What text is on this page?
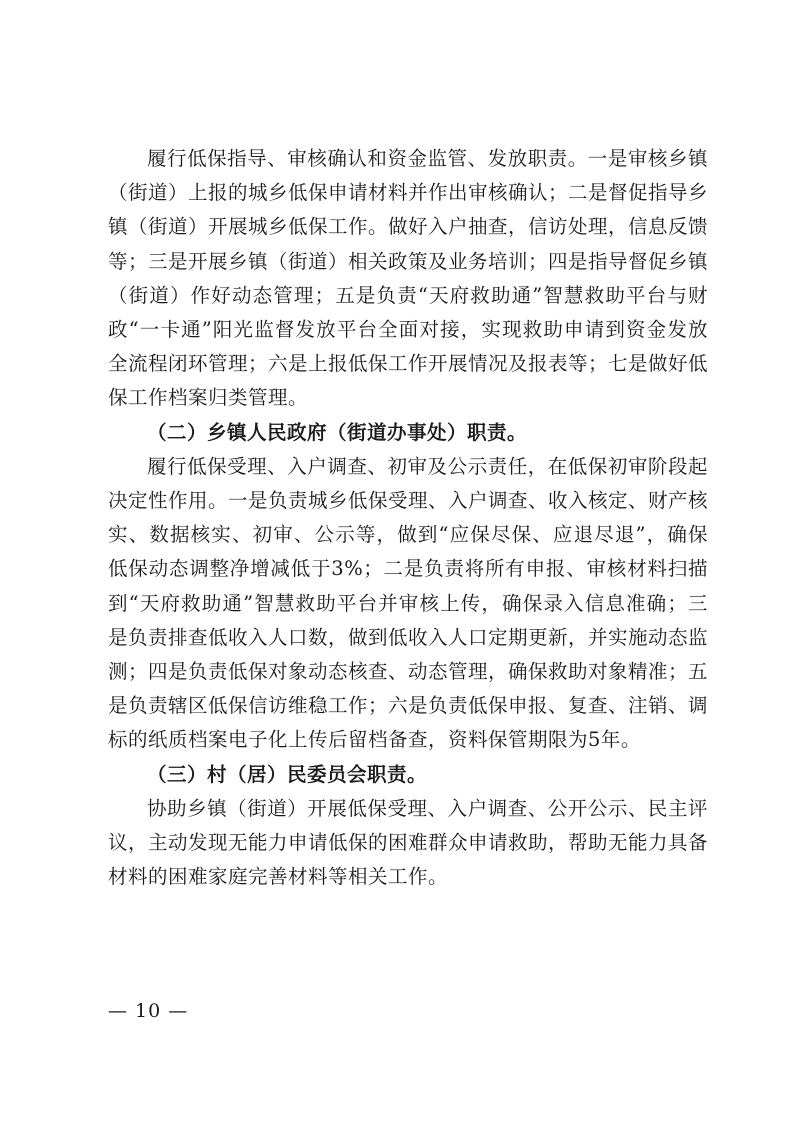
履行低保指导、审核确认和资金监管、发放职责。一是审核乡镇（街道）上报的城乡低保申请材料并作出审核确认；二是督促指导乡镇（街道）开展城乡低保工作。做好入户抽查，信访处理，信息反馈等；三是开展乡镇（街道）相关政策及业务培训；四是指导督促乡镇（街道）作好动态管理；五是负责“天府救助通”智慧救助平台与财政“一卡通”阳光监督发放平台全面对接，实现救助申请到资金发放全流程闭环管理；六是上报低保工作开展情况及报表等；七是做好低保工作档案归类管理。

（二）乡镇人民政府（街道办事处）职责。

履行低保受理、入户调查、初审及公示责任，在低保初审阶段起决定性作用。一是负责城乡低保受理、入户调查、收入核定、财产核实、数据核实、初审、公示等，做到“应保尽保、应退尽退”，确保低保动态调整净增减低于3%；二是负责将所有申报、审核材料扫描到“天府救助通”智慧救助平台并审核上传，确保录入信息准确；三是负责排查低收入人口数，做到低收入人口定期更新，并实施动态监测；四是负责低保对象动态核查、动态管理，确保救助对象精准；五是负责辖区低保信访维稳工作；六是负责低保申报、复查、注销、调标的纸质档案电子化上传后留档备查，资料保管期限为5年。

（三）村（居）民委员会职责。

协助乡镇（街道）开展低保受理、入户调查、公开公示、民主评议，主动发现无能力申请低保的困难群众申请救助，帮助无能力具备材料的困难家庭完善材料等相关工作。

— 10 —
